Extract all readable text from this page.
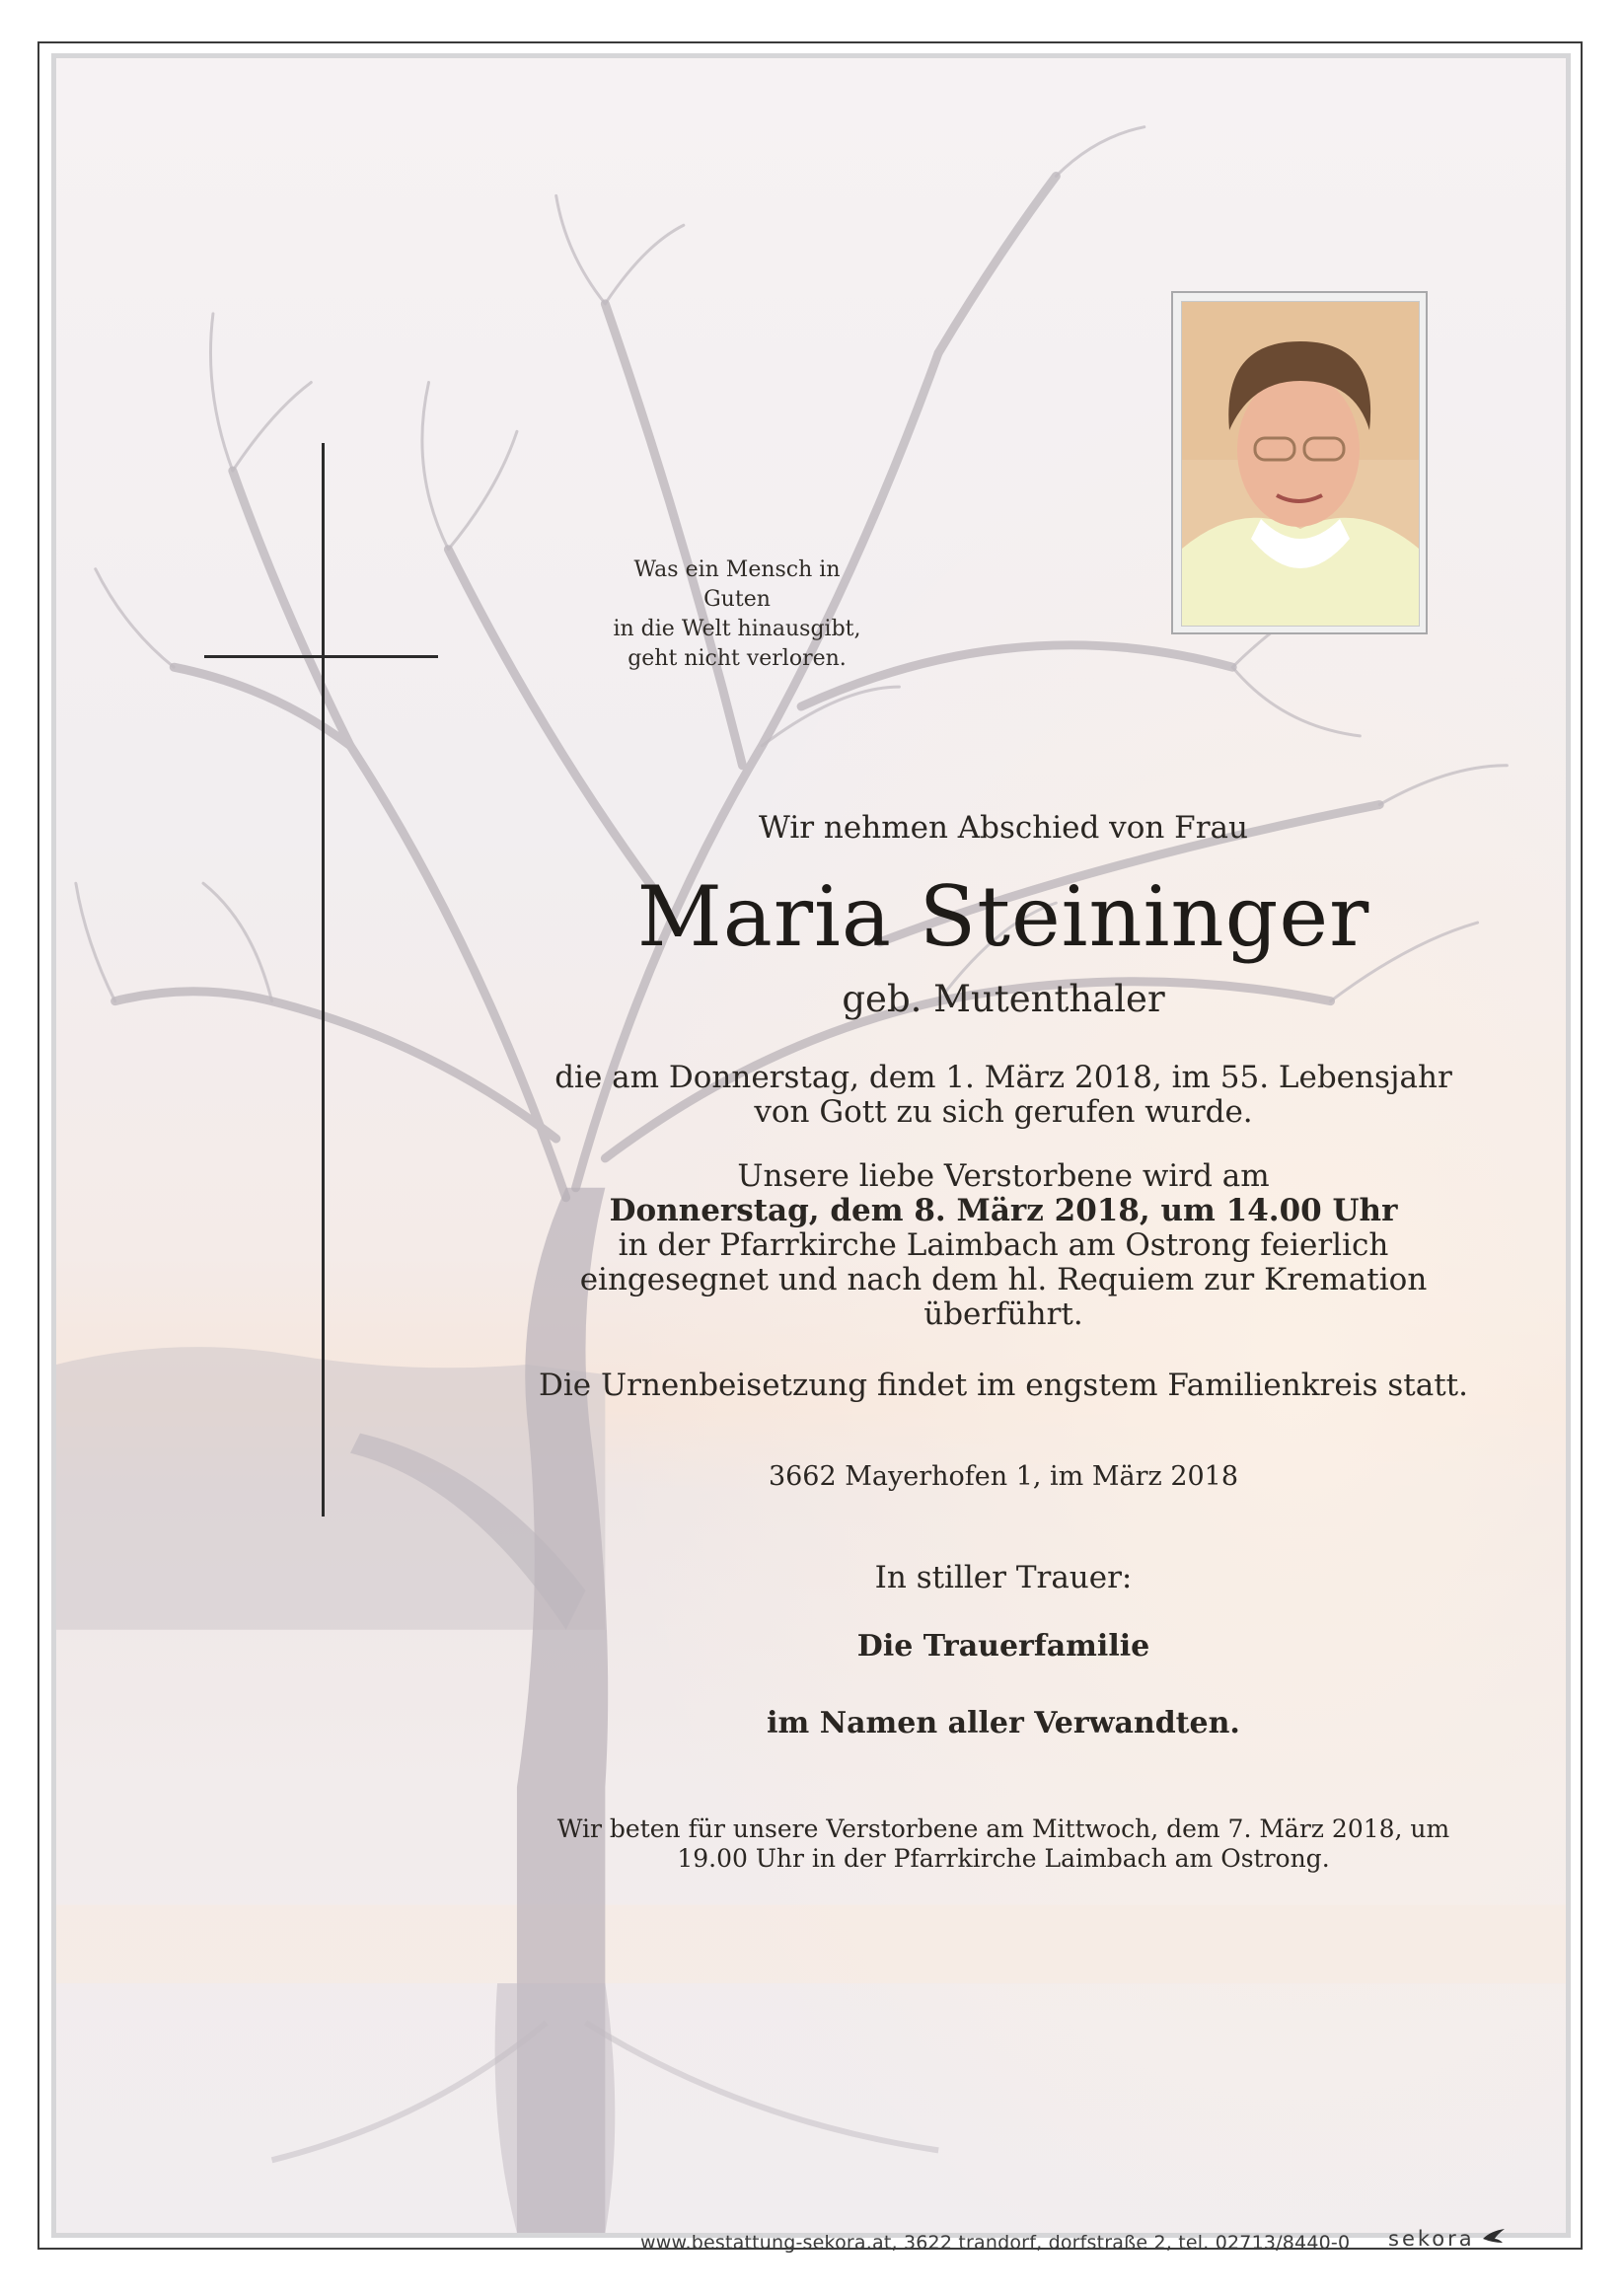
Was ein Mensch in Guten
in die Welt hinausgibt,
geht nicht verloren.
Wir nehmen Abschied von Frau
Maria Steininger
geb. Mutenthaler
die am Donnerstag, dem 1. März 2018, im 55. Lebensjahr
von Gott zu sich gerufen wurde.
Unsere liebe Verstorbene wird am
Donnerstag, dem 8. März 2018, um 14.00 Uhr
in der Pfarrkirche Laimbach am Ostrong feierlich
eingesegnet und nach dem hl. Requiem zur Kremation
überführt.
Die Urnenbeisetzung findet im engstem Familienkreis statt.
3662 Mayerhofen 1, im März 2018
In stiller Trauer:
Die Trauerfamilie
im Namen aller Verwandten.
Wir beten für unsere Verstorbene am Mittwoch, dem 7. März 2018, um
19.00 Uhr in der Pfarrkirche Laimbach am Ostrong.
www.bestattung-sekora.at, 3622 trandorf, dorfstraße 2, tel. 02713/8440-0 sekora
